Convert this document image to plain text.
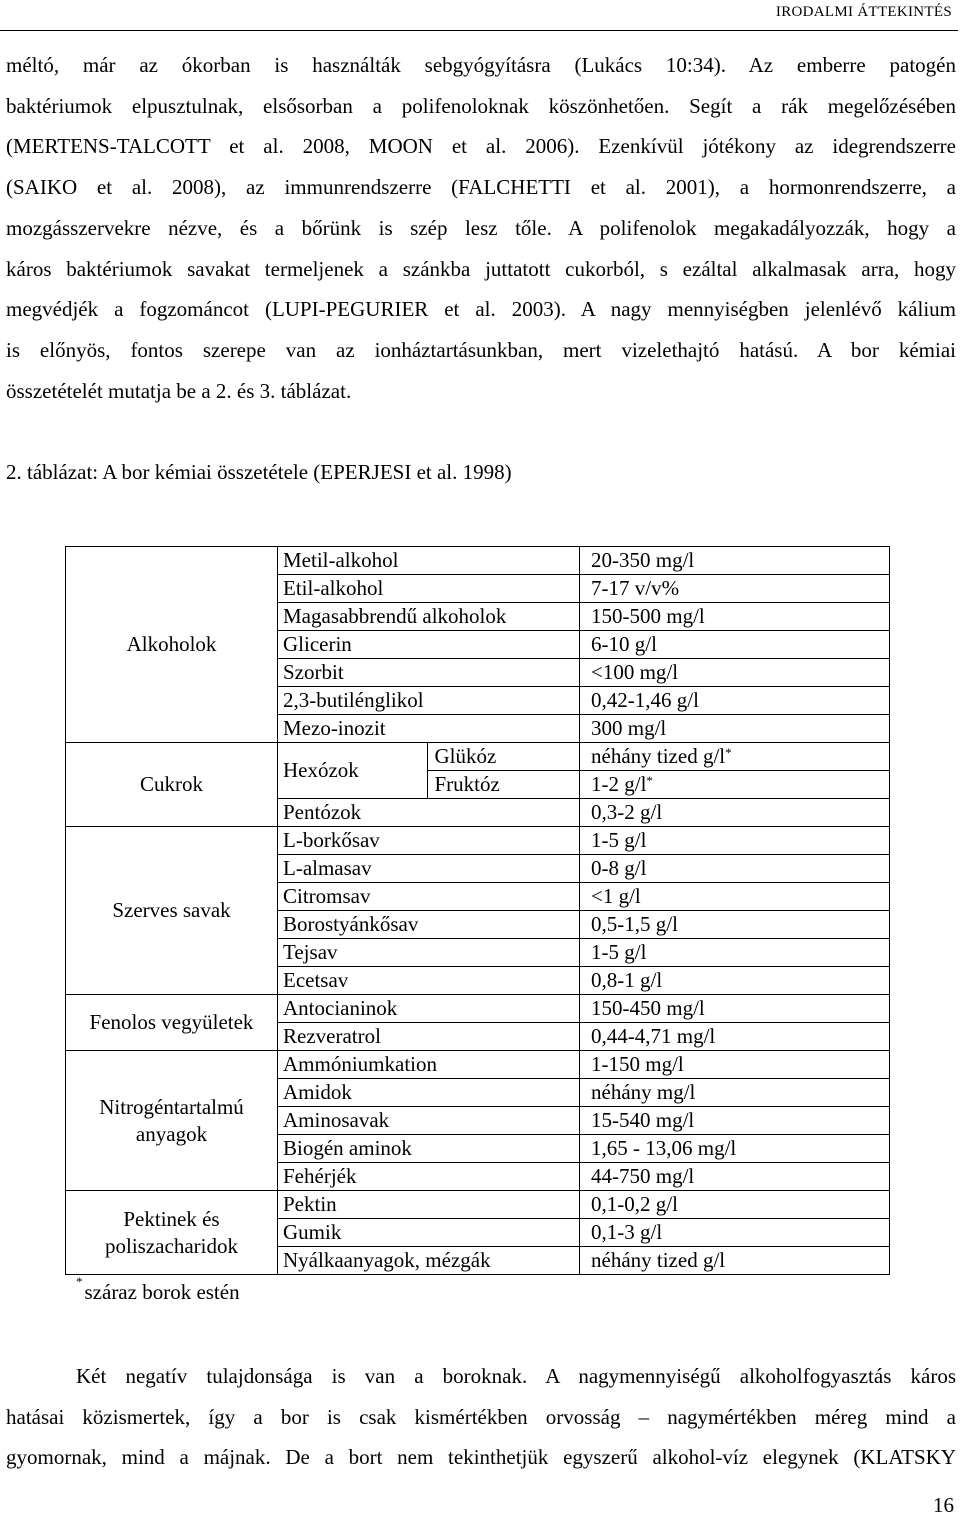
IRODALMI ÁTTEKINTÉS
méltó, már az ókorban is használták sebgyógyításra (Lukács 10:34). Az emberre patogén
baktériumok elpusztulnak, elsősorban a polifenoloknak köszönhetően. Segít a rák megelőzésében
(MERTENS-TALCOTT et al. 2008, MOON et al. 2006). Ezenkívül jótékony az idegrendszerre
(SAIKO et al. 2008), az immunrendszerre (FALCHETTI et al. 2001), a hormonrendszerre, a
mozgásszervekre nézve, és a bőrünk is szép lesz tőle. A polifenolok megakadályozzák, hogy a
káros baktériumok savakat termeljenek a szánkba juttatott cukorból, s ezáltal alkalmasak arra, hogy
megvédjék a fogzománcot (LUPI-PEGURIER et al. 2003). A nagy mennyiségben jelenlévő kálium
is előnyös, fontos szerepe van az ionháztartásunkban, mert vizelethajtó hatású. A bor kémiai
összetételét mutatja be a 2. és 3. táblázat.
2. táblázat: A bor kémiai összetétele (EPERJESI et al. 1998)
Alkoholok	Metil-alkohol		20-350 mg/l
	Etil-alkohol		7-17 v/v%
	Magasabbrendű alkoholok		150-500 mg/l
	Glicerin		6-10 g/l
	Szorbit		<100 mg/l
	2,3-butilénglikol		0,42-1,46 g/l
	Mezo-inozit		300 mg/l
Cukrok	Hexózok	Glükóz	néhány tized g/l*
		Fruktóz	1-2 g/l*
	Pentózok		0,3-2 g/l
Szerves savak	L-borkősav		1-5 g/l
	L-almasav		0-8 g/l
	Citromsav		<1 g/l
	Borostyánkősav		0,5-1,5 g/l
	Tejsav		1-5 g/l
	Ecetsav		0,8-1 g/l
Fenolos vegyületek	Antocianinok		150-450 mg/l
	Rezveratrol		0,44-4,71 mg/l
Nitrogéntartalmú anyagok	Ammóniumkation		1-150 mg/l
	Amidok		néhány mg/l
	Aminosavak		15-540 mg/l
	Biogén aminok		1,65 - 13,06 mg/l
	Fehérjék		44-750 mg/l
Pektinek és poliszacharidok	Pektin		0,1-0,2 g/l
	Gumik		0,1-3 g/l
	Nyálkaanyagok, mézgák		néhány tized g/l
*száraz borok estén
Két negatív tulajdonsága is van a boroknak. A nagymennyiségű alkoholfogyasztás káros
hatásai közismertek, így a bor is csak kismértékben orvosság – nagymértékben méreg mind a
gyomornak, mind a májnak. De a bort nem tekinthetjük egyszerű alkohol-víz elegynek (KLATSKY
16
